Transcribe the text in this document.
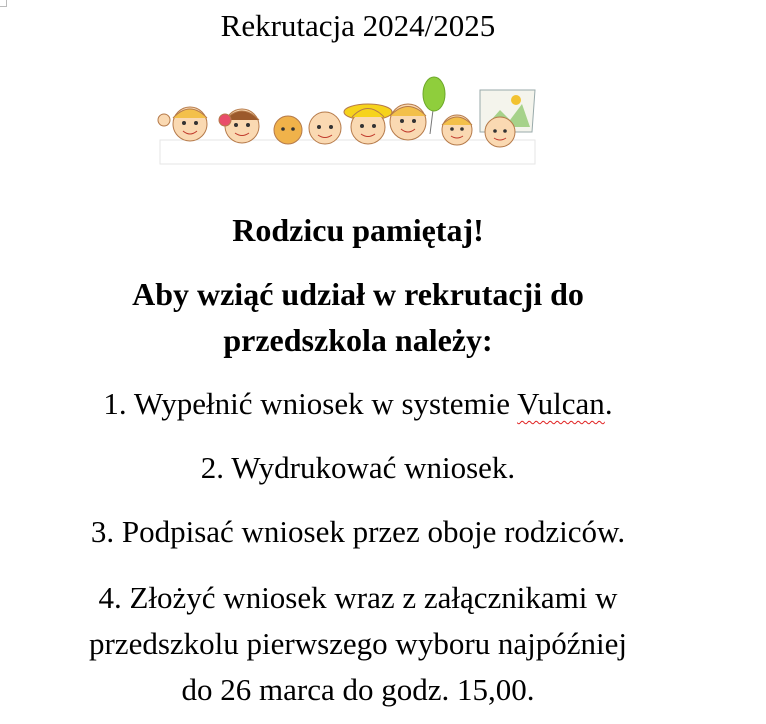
Rekrutacja 2024/2025
Rodzicu pamiętaj!
Aby wziąć udział w rekrutacji do
przedszkola należy:
1. Wypełnić wniosek w systemie Vulcan.
2. Wydrukować wniosek.
3. Podpisać wniosek przez oboje rodziców.
4. Złożyć wniosek wraz z załącznikami w
przedszkolu pierwszego wyboru najpóźniej
do 26 marca do godz. 15,00.
